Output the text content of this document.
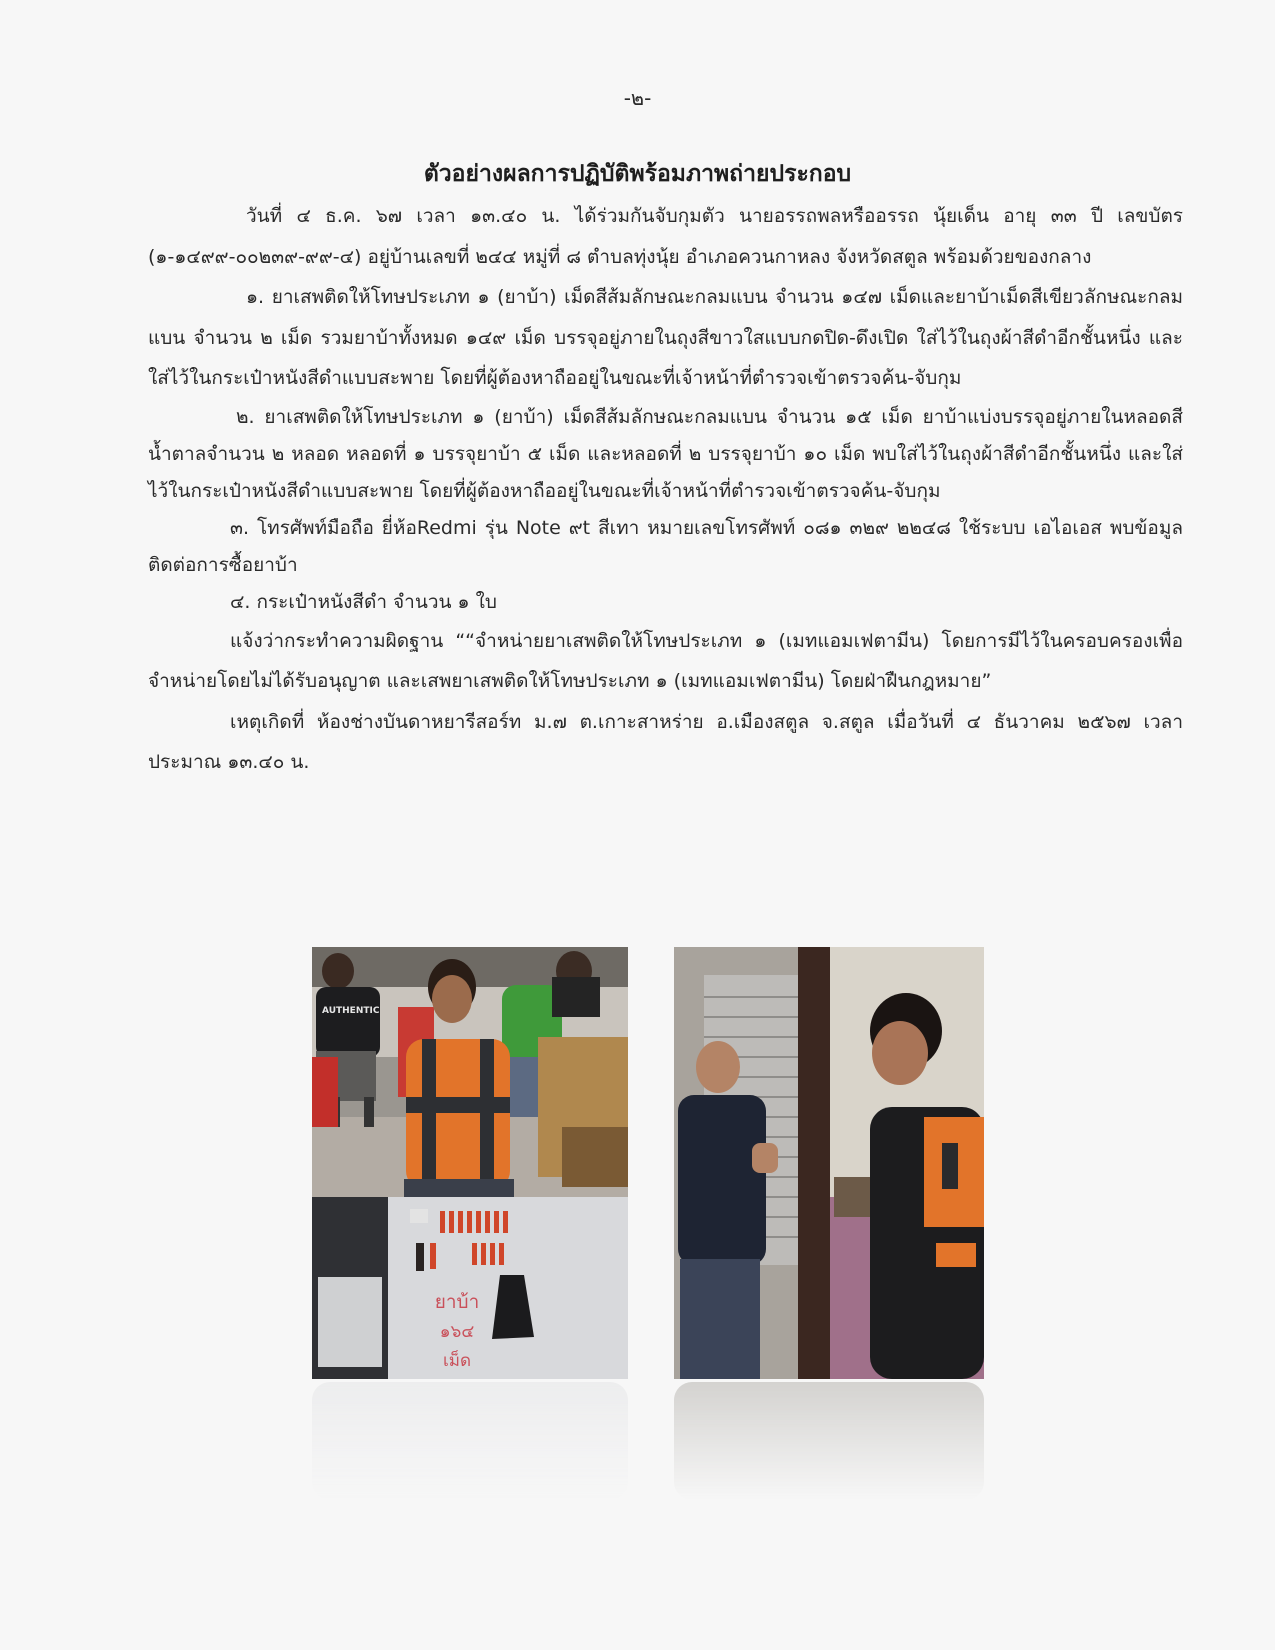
-๒-
ตัวอย่างผลการปฏิบัติพร้อมภาพถ่ายประกอบ

วันที่ ๔ ธ.ค. ๖๗ เวลา ๑๓.๔๐ น. ได้ร่วมกันจับกุมตัว นายอรรถพลหรืออรรถ นุ้ยเด็น อายุ ๓๓ ปี เลขบัตร (๑-๑๔๙๙-๐๐๒๓๙-๙๙-๔) อยู่บ้านเลขที่ ๒๔๔ หมู่ที่ ๘ ตำบลทุ่งนุ้ย อำเภอควนกาหลง จังหวัดสตูล พร้อมด้วยของกลาง

๑. ยาเสพติดให้โทษประเภท ๑ (ยาบ้า) เม็ดสีส้มลักษณะกลมแบน จำนวน ๑๔๗ เม็ดและยาบ้าเม็ดสีเขียวลักษณะกลมแบน จำนวน ๒ เม็ด รวมยาบ้าทั้งหมด ๑๔๙ เม็ด บรรจุอยู่ภายในถุงสีขาวใสแบบกดปิด-ดึงเปิด ใส่ไว้ในถุงผ้าสีดำอีกชั้นหนึ่ง และใส่ไว้ในกระเป๋าหนังสีดำแบบสะพาย โดยที่ผู้ต้องหาถืออยู่ในขณะที่เจ้าหน้าที่ตำรวจเข้าตรวจค้น-จับกุม

๒. ยาเสพติดให้โทษประเภท ๑ (ยาบ้า) เม็ดสีส้มลักษณะกลมแบน จำนวน ๑๕ เม็ด ยาบ้าแบ่งบรรจุอยู่ภายในหลอดสีน้ำตาลจำนวน ๒ หลอด หลอดที่ ๑ บรรจุยาบ้า ๕ เม็ด และหลอดที่ ๒ บรรจุยาบ้า ๑๐ เม็ด พบใส่ไว้ในถุงผ้าสีดำอีกชั้นหนึ่ง และใส่ไว้ในกระเป๋าหนังสีดำแบบสะพาย โดยที่ผู้ต้องหาถืออยู่ในขณะที่เจ้าหน้าที่ตำรวจเข้าตรวจค้น-จับกุม

๓. โทรศัพท์มือถือ ยี่ห้อRedmi รุ่น Note ๙t สีเทา หมายเลขโทรศัพท์ ๐๘๑ ๓๒๙ ๒๒๔๘ ใช้ระบบ เอไอเอส พบข้อมูลติดต่อการซื้อยาบ้า

๔. กระเป๋าหนังสีดำ จำนวน ๑ ใบ

แจ้งว่ากระทำความผิดฐาน ““จำหน่ายยาเสพติดให้โทษประเภท ๑ (เมทแอมเฟตามีน) โดยการมีไว้ในครอบครองเพื่อจำหน่ายโดยไม่ได้รับอนุญาต และเสพยาเสพติดให้โทษประเภท ๑ (เมทแอมเฟตามีน) โดยฝ่าฝืนกฎหมาย”

เหตุเกิดที่ ห้องช่างบันดาหยารีสอร์ท ม.๗ ต.เกาะสาหร่าย อ.เมืองสตูล จ.สตูล เมื่อวันที่ ๔ ธันวาคม ๒๕๖๗ เวลาประมาณ ๑๓.๔๐ น.

AUTHENTIC
ยาบ้า
๑๖๔
เม็ด
